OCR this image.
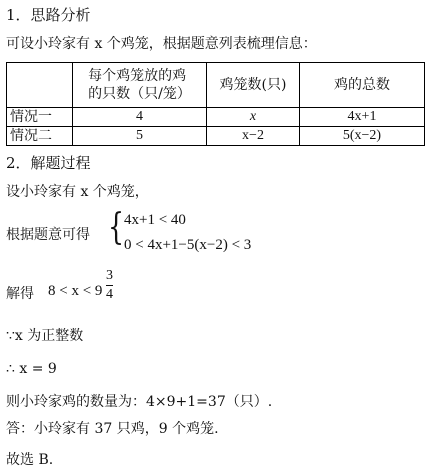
1．思路分析
可设小玲家有 x 个鸡笼，根据题意列表梳理信息：
	每个鸡笼放的鸡
的只数（只/笼）	鸡笼数(只)	鸡的总数
情况一	4	x	4x+1
情况二	5	x−2	5(x−2)
2．解题过程
设小玲家有 x 个鸡笼，
根据题意可得 { 4x+1 < 40
0 < 4x+1−5(x−2) < 3
解得 8 < x < 9
3
4
∵x 为正整数
∴ x = 9
则小玲家鸡的数量为：4×9+1=37（只）.
答：小玲家有 37 只鸡，9 个鸡笼.
故选 B.
